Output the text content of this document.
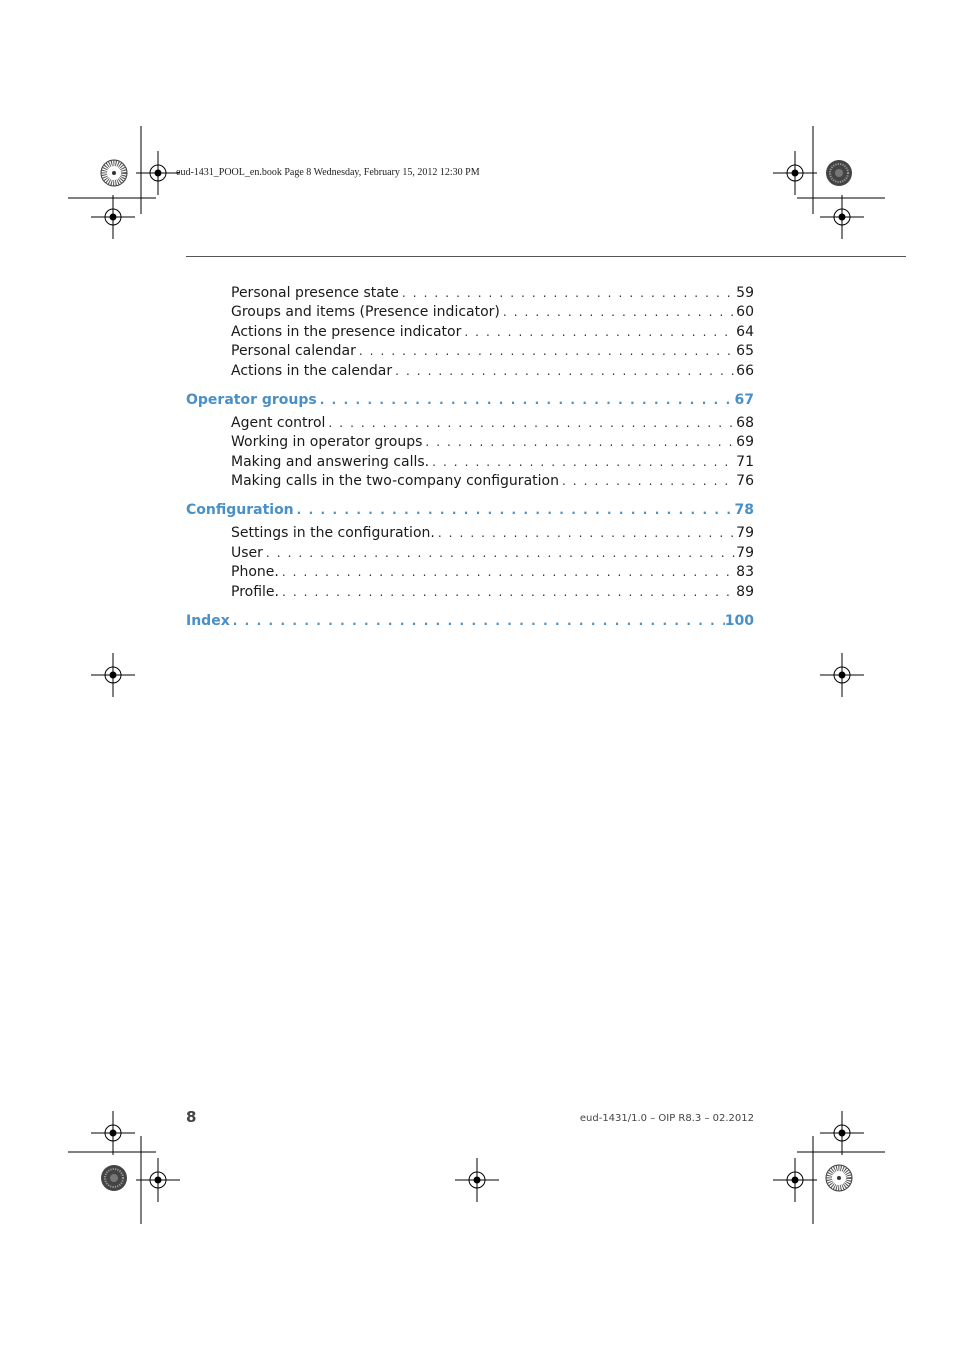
eud-1431_POOL_en.book Page 8 Wednesday, February 15, 2012 12:30 PM
Personal presence state . . .	59
Groups and items (Presence indicator) . . .	60
Actions in the presence indicator . . .	64
Personal calendar . . .	65
Actions in the calendar . . .	66
Operator groups . . .	67
Agent control . . .	68
Working in operator groups . . .	69
Making and answering calls. . . .	71
Making calls in the two-company configuration . . .	76
Configuration . . .	78
Settings in the configuration. . . .	79
User . . .	79
Phone. . . .	83
Profile. . . .	89
Index . . .	100
8	eud-1431/1.0 – OIP R8.3 – 02.2012
